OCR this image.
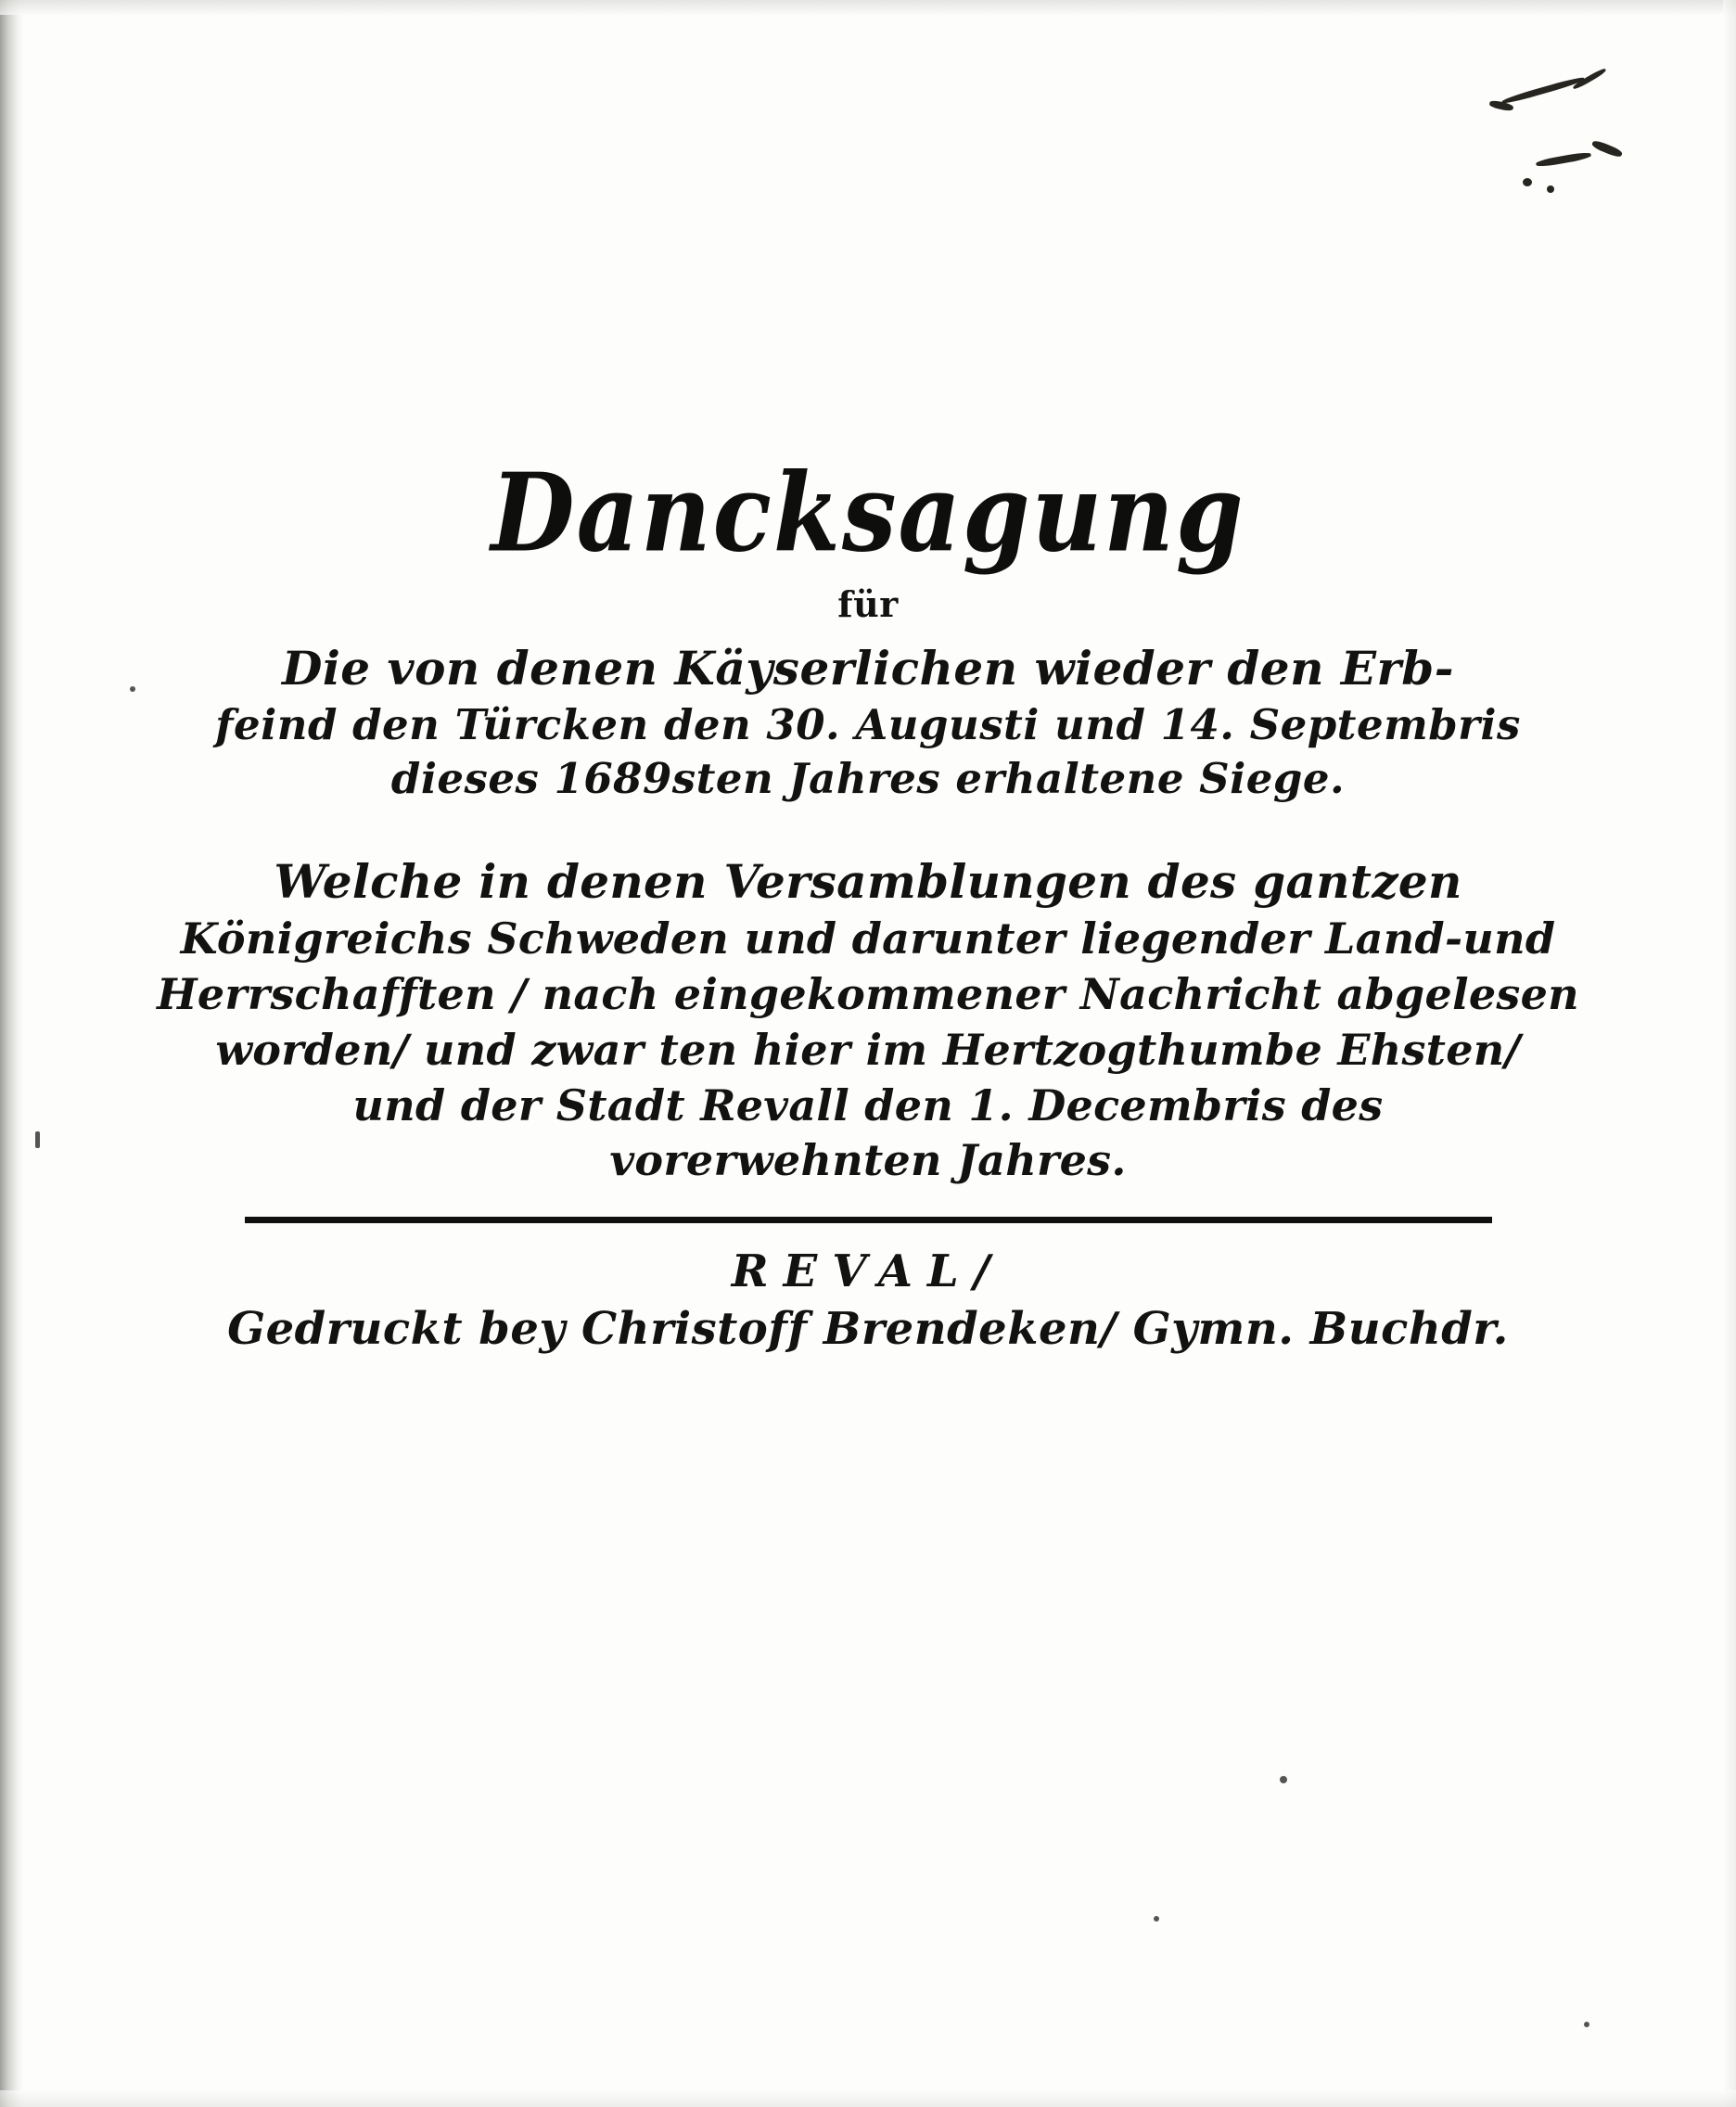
Dancksagung
für
Die von denen Käyserlichen wieder den Erb-
feind den Türcken den 30. Augusti und 14. Septembris
dieses 1689sten Jahres erhaltene Siege.
Welche in denen Versamblungen des gantzen
Königreichs Schweden und darunter liegender Land-und
Herrschafften / nach eingekommener Nachricht abgelesen
worden/ und zwar ten hier im Hertzogthumbe Ehsten/
und der Stadt Revall den 1. Decembris des
vorerwehnten Jahres.
REVAL/
Gedruckt bey Christoff Brendeken/ Gymn. Buchdr.
